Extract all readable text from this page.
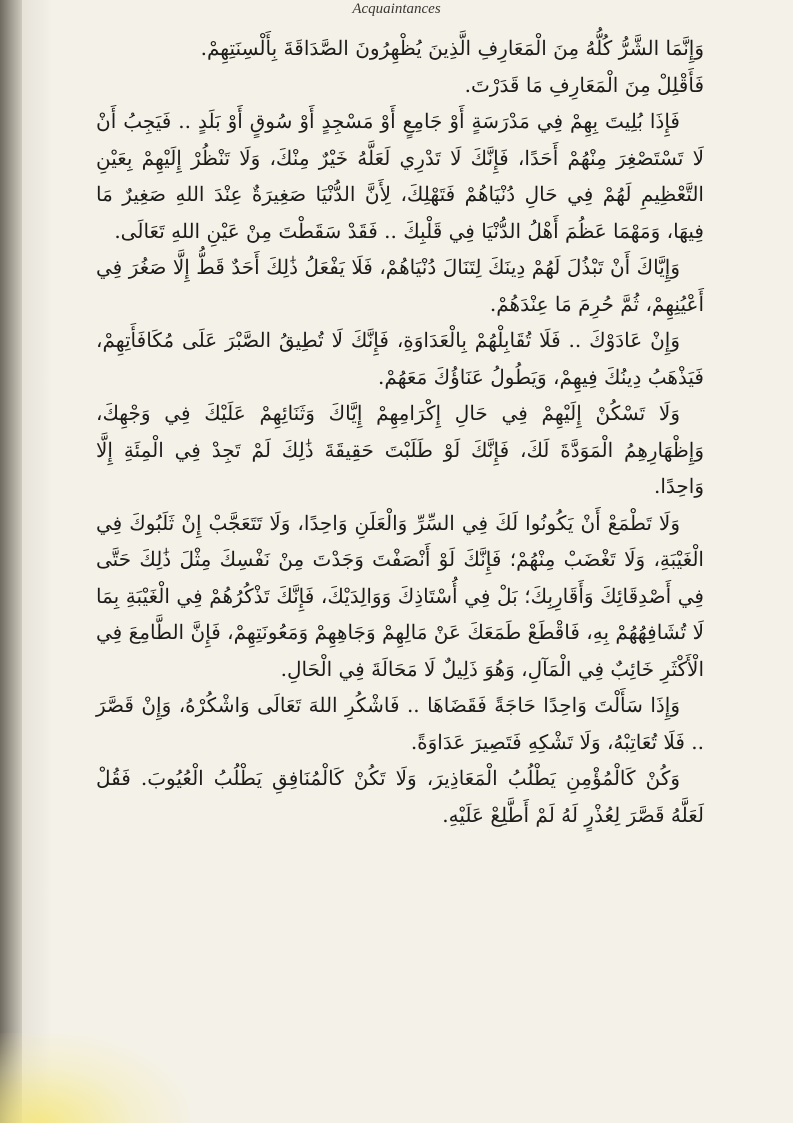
Acquaintances

وَإِنَّمَا الشَّرُّ كُلُّهُ مِنَ الْمَعَارِفِ الَّذِينَ يُظْهِرُونَ الصَّدَاقَةَ بِأَلْسِنَتِهِمْ.

فَأَقْلِلْ مِنَ الْمَعَارِفِ مَا قَدَرْتَ.

فَإِذَا بُلِيتَ بِهِمْ فِي مَدْرَسَةٍ أَوْ جَامِعٍ أَوْ مَسْجِدٍ أَوْ سُوقٍ أَوْ بَلَدٍ .. فَيَجِبُ أَنْ لَا تَسْتَصْغِرَ مِنْهُمْ أَحَدًا، فَإِنَّكَ لَا تَدْرِي لَعَلَّهُ خَيْرٌ مِنْكَ، وَلَا تَنْظُرْ إِلَيْهِمْ بِعَيْنِ التَّعْظِيمِ لَهُمْ فِي حَالِ دُنْيَاهُمْ فَتَهْلِكَ، لِأَنَّ الدُّنْيَا صَغِيرَةٌ عِنْدَ اللهِ صَغِيرٌ مَا فِيهَا، وَمَهْمَا عَظُمَ أَهْلُ الدُّنْيَا فِي قَلْبِكَ .. فَقَدْ سَقَطْتَ مِنْ عَيْنِ اللهِ تَعَالَى.

وَإِيَّاكَ أَنْ تَبْذُلَ لَهُمْ دِينَكَ لِتَنَالَ دُنْيَاهُمْ، فَلَا يَفْعَلُ ذَٰلِكَ أَحَدٌ قَطُّ إِلَّا صَغُرَ فِي أَعْيُنِهِمْ، ثُمَّ حُرِمَ مَا عِنْدَهُمْ.

وَإِنْ عَادَوْكَ .. فَلَا تُقَابِلْهُمْ بِالْعَدَاوَةِ، فَإِنَّكَ لَا تُطِيقُ الصَّبْرَ عَلَى مُكَافَأَتِهِمْ، فَيَذْهَبُ دِينُكَ فِيهِمْ، وَيَطُولُ عَنَاؤُكَ مَعَهُمْ.

وَلَا تَسْكُنْ إِلَيْهِمْ فِي حَالِ إِكْرَامِهِمْ إِيَّاكَ وَثَنَائِهِمْ عَلَيْكَ فِي وَجْهِكَ، وَإِظْهَارِهِمُ الْمَوَدَّةَ لَكَ، فَإِنَّكَ لَوْ طَلَبْتَ حَقِيقَةَ ذَٰلِكَ لَمْ تَجِدْ فِي الْمِئَةِ إِلَّا وَاحِدًا.

وَلَا تَطْمَعْ أَنْ يَكُونُوا لَكَ فِي السِّرِّ وَالْعَلَنِ وَاحِدًا، وَلَا تَتَعَجَّبْ إِنْ ثَلَبُوكَ فِي الْغَيْبَةِ، وَلَا تَغْضَبْ مِنْهُمْ؛ فَإِنَّكَ لَوْ أَنْصَفْتَ وَجَدْتَ مِنْ نَفْسِكَ مِثْلَ ذَٰلِكَ حَتَّى فِي أَصْدِقَائِكَ وَأَقَارِبِكَ؛ بَلْ فِي أُسْتَاذِكَ وَوَالِدَيْكَ، فَإِنَّكَ تَذْكُرُهُمْ فِي الْغَيْبَةِ بِمَا لَا تُشَافِهُهُمْ بِهِ، فَاقْطَعْ طَمَعَكَ عَنْ مَالِهِمْ وَجَاهِهِمْ وَمَعُونَتِهِمْ، فَإِنَّ الطَّامِعَ فِي الْأَكْثَرِ خَائِبٌ فِي الْمَآلِ، وَهُوَ ذَلِيلٌ لَا مَحَالَةَ فِي الْحَالِ.

وَإِذَا سَأَلْتَ وَاحِدًا حَاجَةً فَقَضَاهَا .. فَاشْكُرِ اللهَ تَعَالَى وَاشْكُرْهُ، وَإِنْ قَصَّرَ .. فَلَا تُعَاتِبْهُ، وَلَا تَشْكِهِ فَتَصِيرَ عَدَاوَةً.

وَكُنْ كَالْمُؤْمِنِ يَطْلُبُ الْمَعَاذِيرَ، وَلَا تَكُنْ كَالْمُنَافِقِ يَطْلُبُ الْعُيُوبَ. فَقُلْ لَعَلَّهُ قَصَّرَ لِعُذْرٍ لَهُ لَمْ أَطَّلِعْ عَلَيْهِ.
